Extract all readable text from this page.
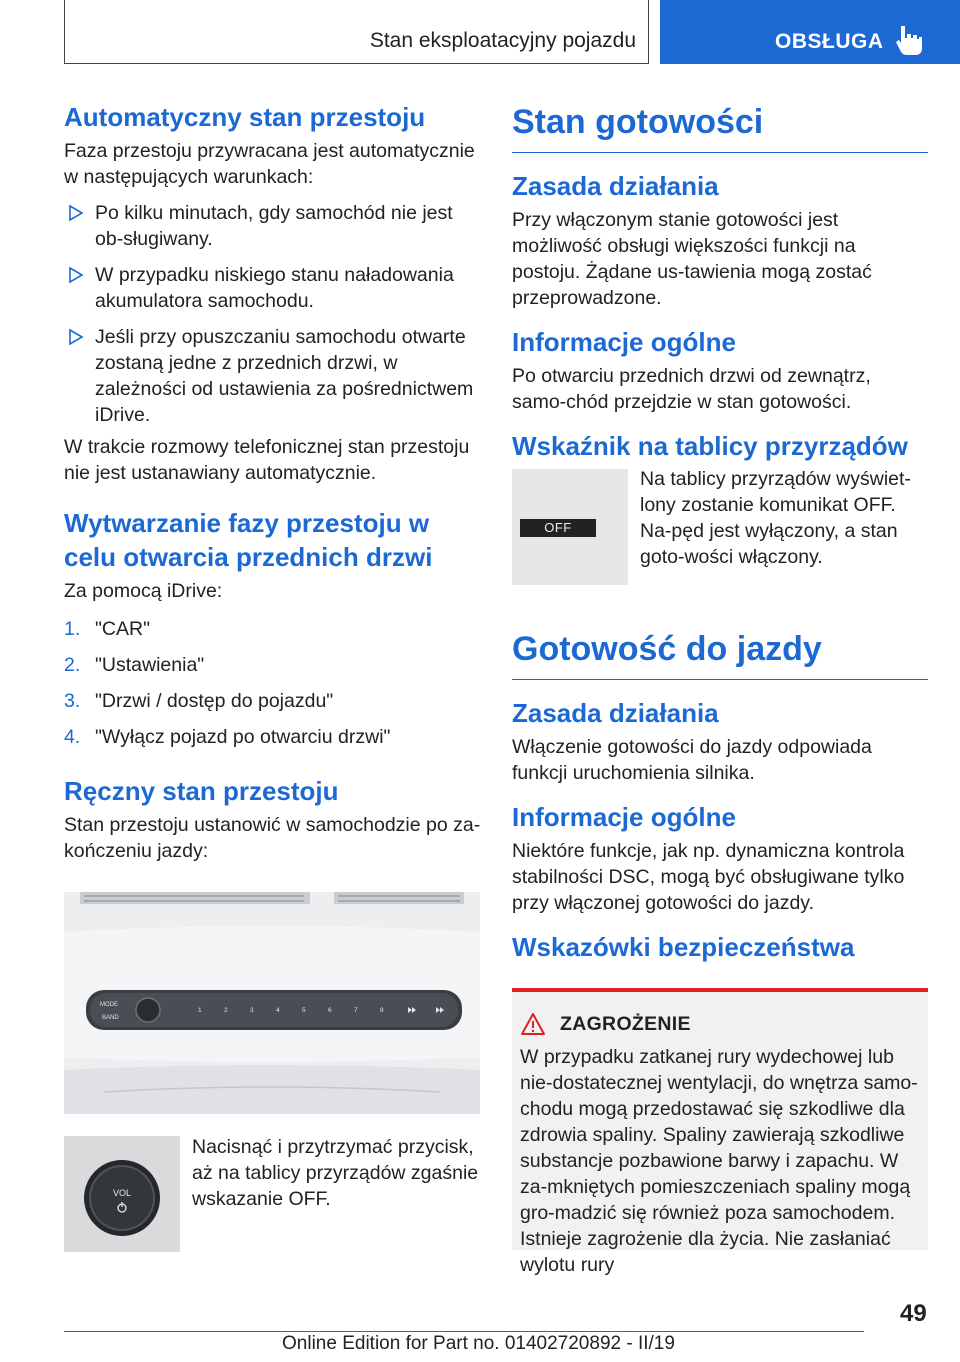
Stan eksploatacyjny pojazdu	OBSŁUGA
Automatyczny stan przestoju

Faza przestoju przywracana jest automatycznie w następujących warunkach:

Po kilku minutach, gdy samochód nie jest ob-sługiwany.
W przypadku niskiego stanu naładowania akumulatora samochodu.
Jeśli przy opuszczaniu samochodu otwarte zostaną jedne z przednich drzwi, w zależności od ustawienia za pośrednictwem iDrive.

W trakcie rozmowy telefonicznej stan przestoju nie jest ustanawiany automatycznie.

Wytwarzanie fazy przestoju w celu otwarcia przednich drzwi

Za pomocą iDrive:

1. "CAR"
2. "Ustawienia"
3. "Drzwi / dostęp do pojazdu"
4. "Wyłącz pojazd po otwarciu drzwi"
Ręczny stan przestoju

Stan przestoju ustanowić w samochodzie po za-kończeniu jazdy:

MODE
BAND
1	2	3	4	5	6	7	8
VOL

Nacisnąć i przytrzymać przycisk, aż na tablicy przyrządów zgaśnie wskazanie OFF.

Stan gotowości
Zasada działania

Przy włączonym stanie gotowości jest możliwość obsługi większości funkcji na postoju. Żądane us-tawienia mogą zostać przeprowadzone.

Informacje ogólne

Po otwarciu przednich drzwi od zewnątrz, samo-chód przejdzie w stan gotowości.

Wskaźnik na tablicy przyrządów
OFF

Na tablicy przyrządów wyświet-lony zostanie komunikat OFF. Na-pęd jest wyłączony, a stan goto-wości włączony.

Gotowość do jazdy
Zasada działania

Włączenie gotowości do jazdy odpowiada funkcji uruchomienia silnika.

Informacje ogólne

Niektóre funkcje, jak np. dynamiczna kontrola stabilności DSC, mogą być obsługiwane tylko przy włączonej gotowości do jazdy.

Wskazówki bezpieczeństwa
ZAGROŻENIE

W przypadku zatkanej rury wydechowej lub nie-dostatecznej wentylacji, do wnętrza samo-chodu mogą przedostawać się szkodliwe dla zdrowia spaliny. Spaliny zawierają szkodliwe substancje pozbawione barwy i zapachu. W za-mkniętych pomieszczeniach spaliny mogą gro-madzić się również poza samochodem. Istnieje zagrożenie dla życia. Nie zasłaniać wylotu rury

49
Online Edition for Part no. 01402720892 - II/19
